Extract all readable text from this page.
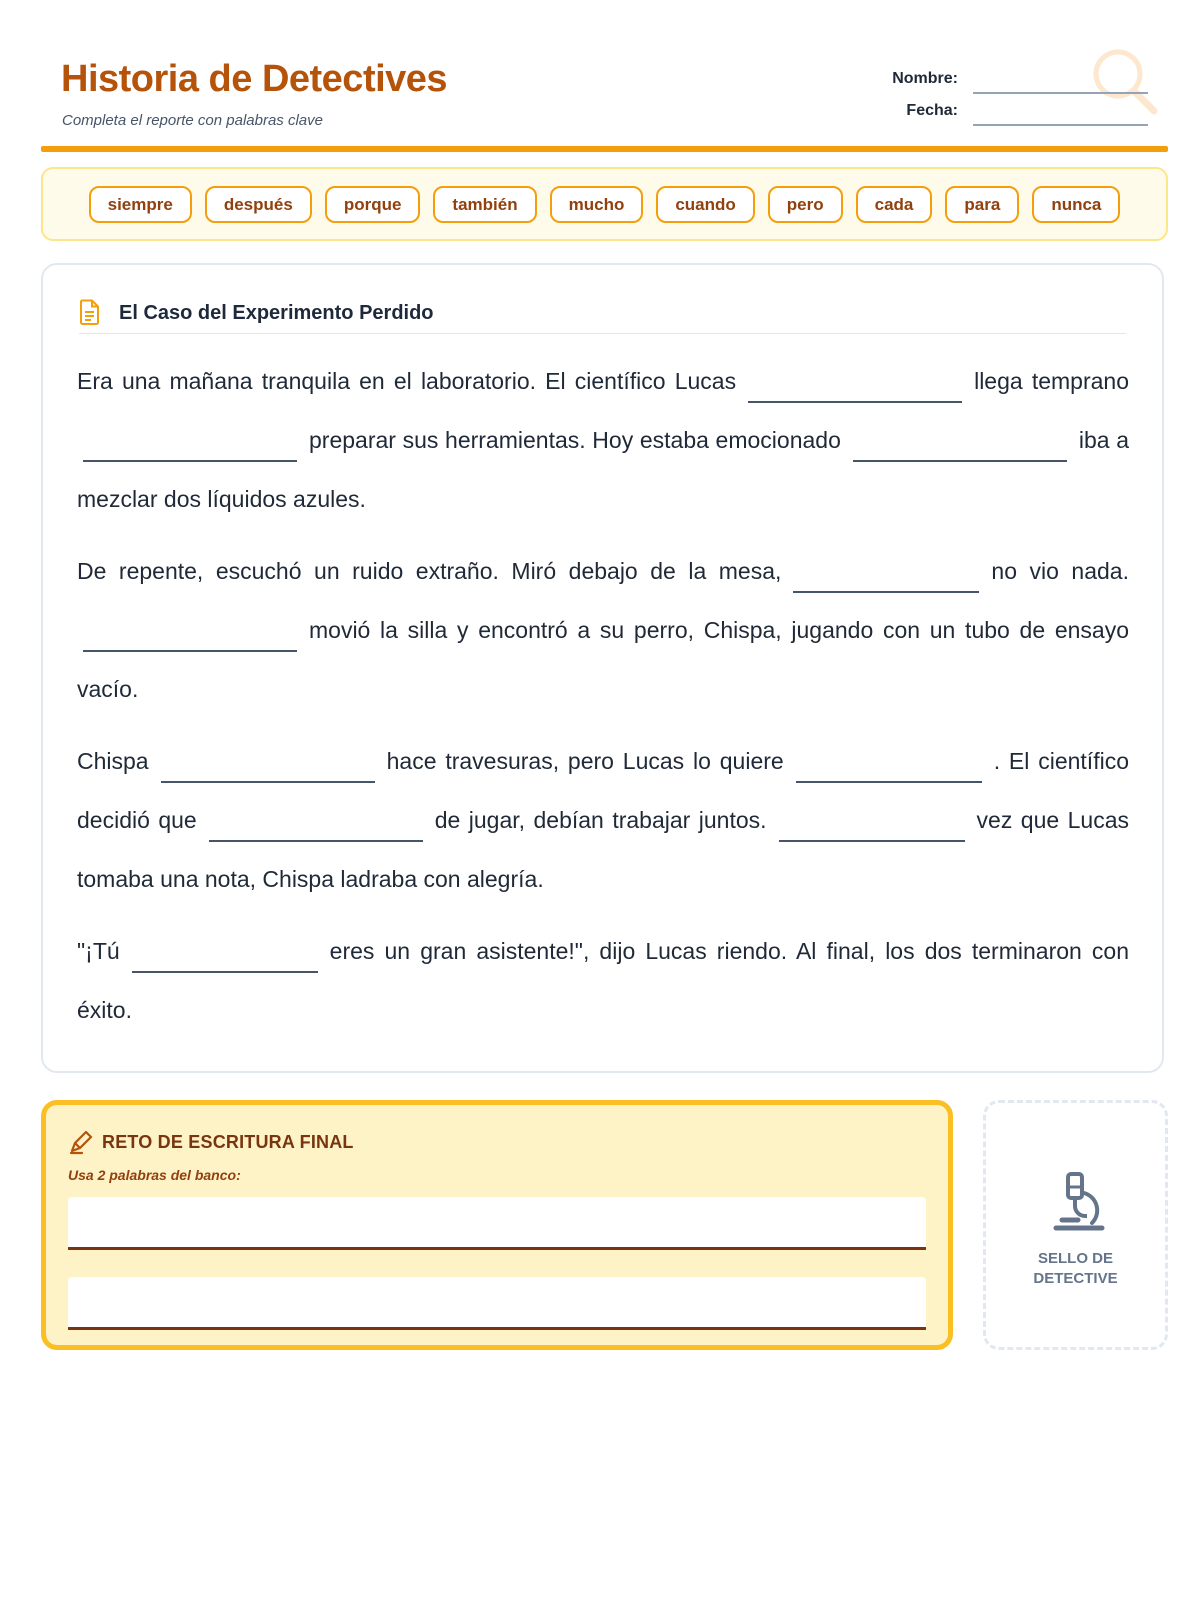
Historia de Detectives
Completa el reporte con palabras clave
Nombre:
Fecha:
siempre	después	porque	también	mucho	cuando	pero	cada	para	nunca
El Caso del Experimento Perdido

Era una mañana tranquila en el laboratorio. El científico Lucas	llega temprano preparar sus herramientas. Hoy estaba emocionado	iba a mezclar dos líquidos azules.

De repente, escuchó un ruido extraño. Miró debajo de la mesa,	no vio nada. movió la silla y encontró a su perro, Chispa, jugando con un tubo de ensayo vacío.

Chispa	hace travesuras, pero Lucas lo quiere	. El científico decidió que	de jugar, debían trabajar juntos.	vez que Lucas tomaba una nota, Chispa ladraba con alegría.

"¡Tú	eres un gran asistente!", dijo Lucas riendo. Al final, los dos terminaron con éxito.

RETO DE ESCRITURA FINAL
Usa 2 palabras del banco:
SELLO DE
DETECTIVE
